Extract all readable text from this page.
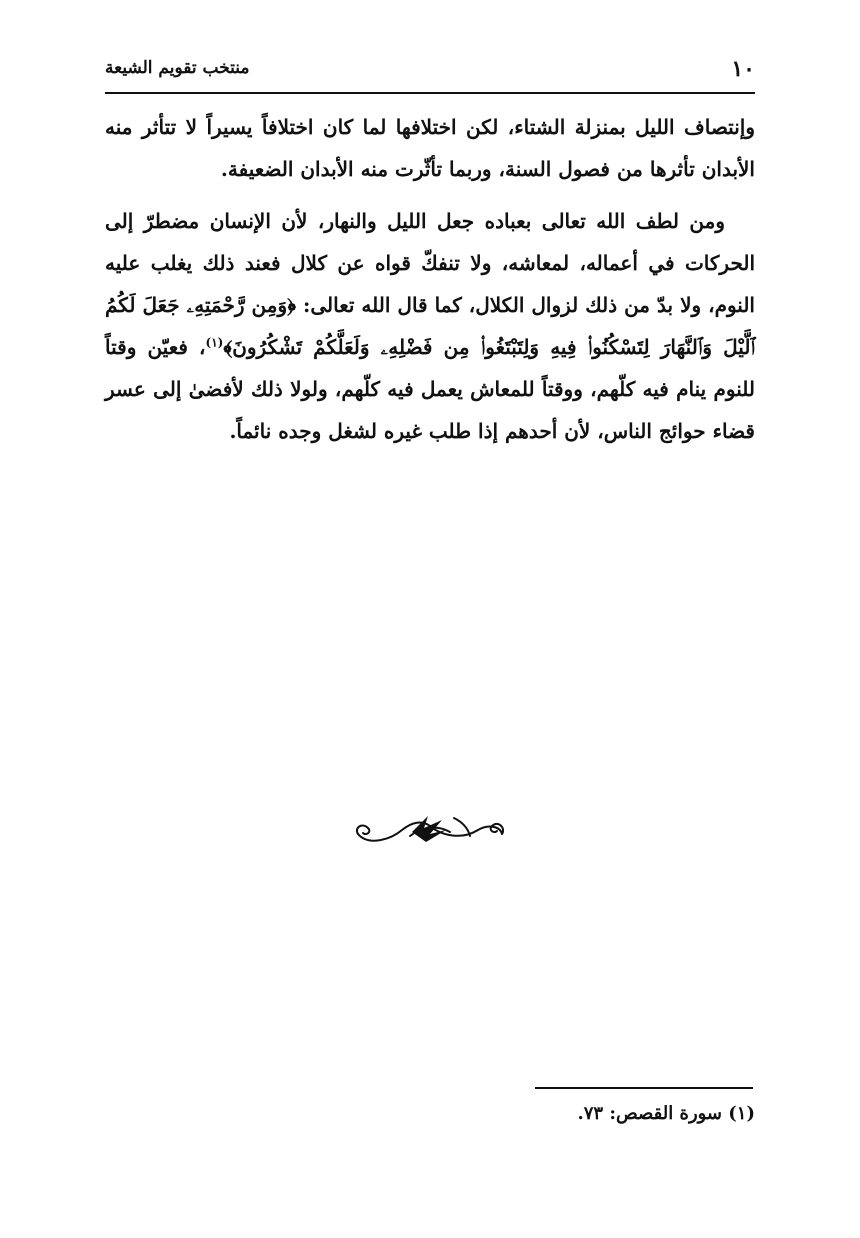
١٠
منتخب تقويم الشيعة

وإنتصاف الليل بمنزلة الشتاء، لكن اختلافها لما كان اختلافاً يسيراً لا تتأثر منه الأبدان تأثرها من فصول السنة، وربما تأثّرت منه الأبدان الضعيفة.

ومن لطف الله تعالى بعباده جعل الليل والنهار، لأن الإنسان مضطرّ إلى الحركات في أعماله، لمعاشه، ولا تنفكّ قواه عن كلال فعند ذلك يغلب عليه النوم، ولا بدّ من ذلك لزوال الكلال، كما قال الله تعالى: ﴿وَمِن رَّحْمَتِهِۦ جَعَلَ لَكُمُ ٱلَّيْلَ وَٱلنَّهَارَ لِتَسْكُنُوا۟ فِيهِ وَلِتَبْتَغُوا۟ مِن فَضْلِهِۦ وَلَعَلَّكُمْ تَشْكُرُونَ﴾$^{(١)}$، فعيّن وقتاً للنوم ينام فيه كلّهم، ووقتاً للمعاش يعمل فيه كلّهم، ولولا ذلك لأفضىٰ إلى عسر قضاء حوائج الناس، لأن أحدهم إذا طلب غيره لشغل وجده نائماً.

(١) سورة القصص: ٧٣.
